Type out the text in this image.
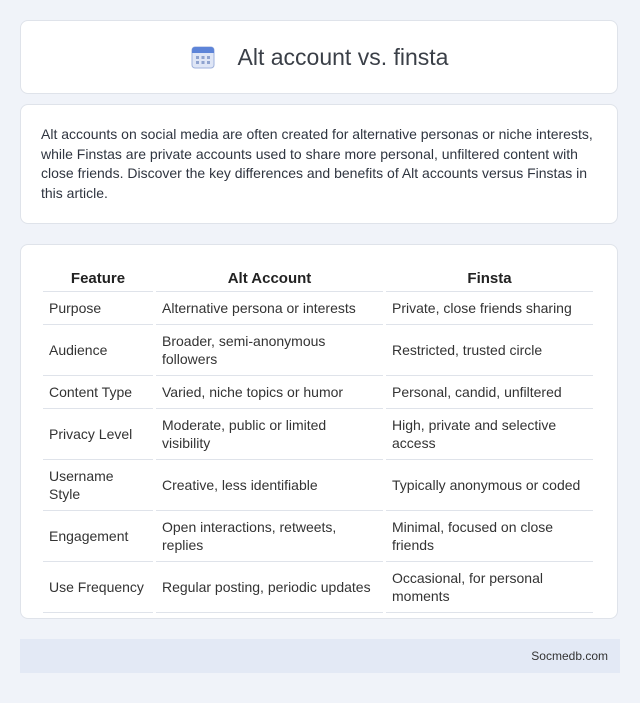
Alt account vs. finsta

Alt accounts on social media are often created for alternative personas or niche interests, while Finstas are private accounts used to share more personal, unfiltered content with close friends. Discover the key differences and benefits of Alt accounts versus Finstas in this article.

Feature	Alt Account	Finsta
Purpose	Alternative persona or interests	Private, close friends sharing
Audience	Broader, semi-anonymous followers	Restricted, trusted circle
Content Type	Varied, niche topics or humor	Personal, candid, unfiltered
Privacy Level	Moderate, public or limited visibility	High, private and selective access
Username Style	Creative, less identifiable	Typically anonymous or coded
Engagement	Open interactions, retweets, replies	Minimal, focused on close friends
Use Frequency	Regular posting, periodic updates	Occasional, for personal moments
Socmedb.com
